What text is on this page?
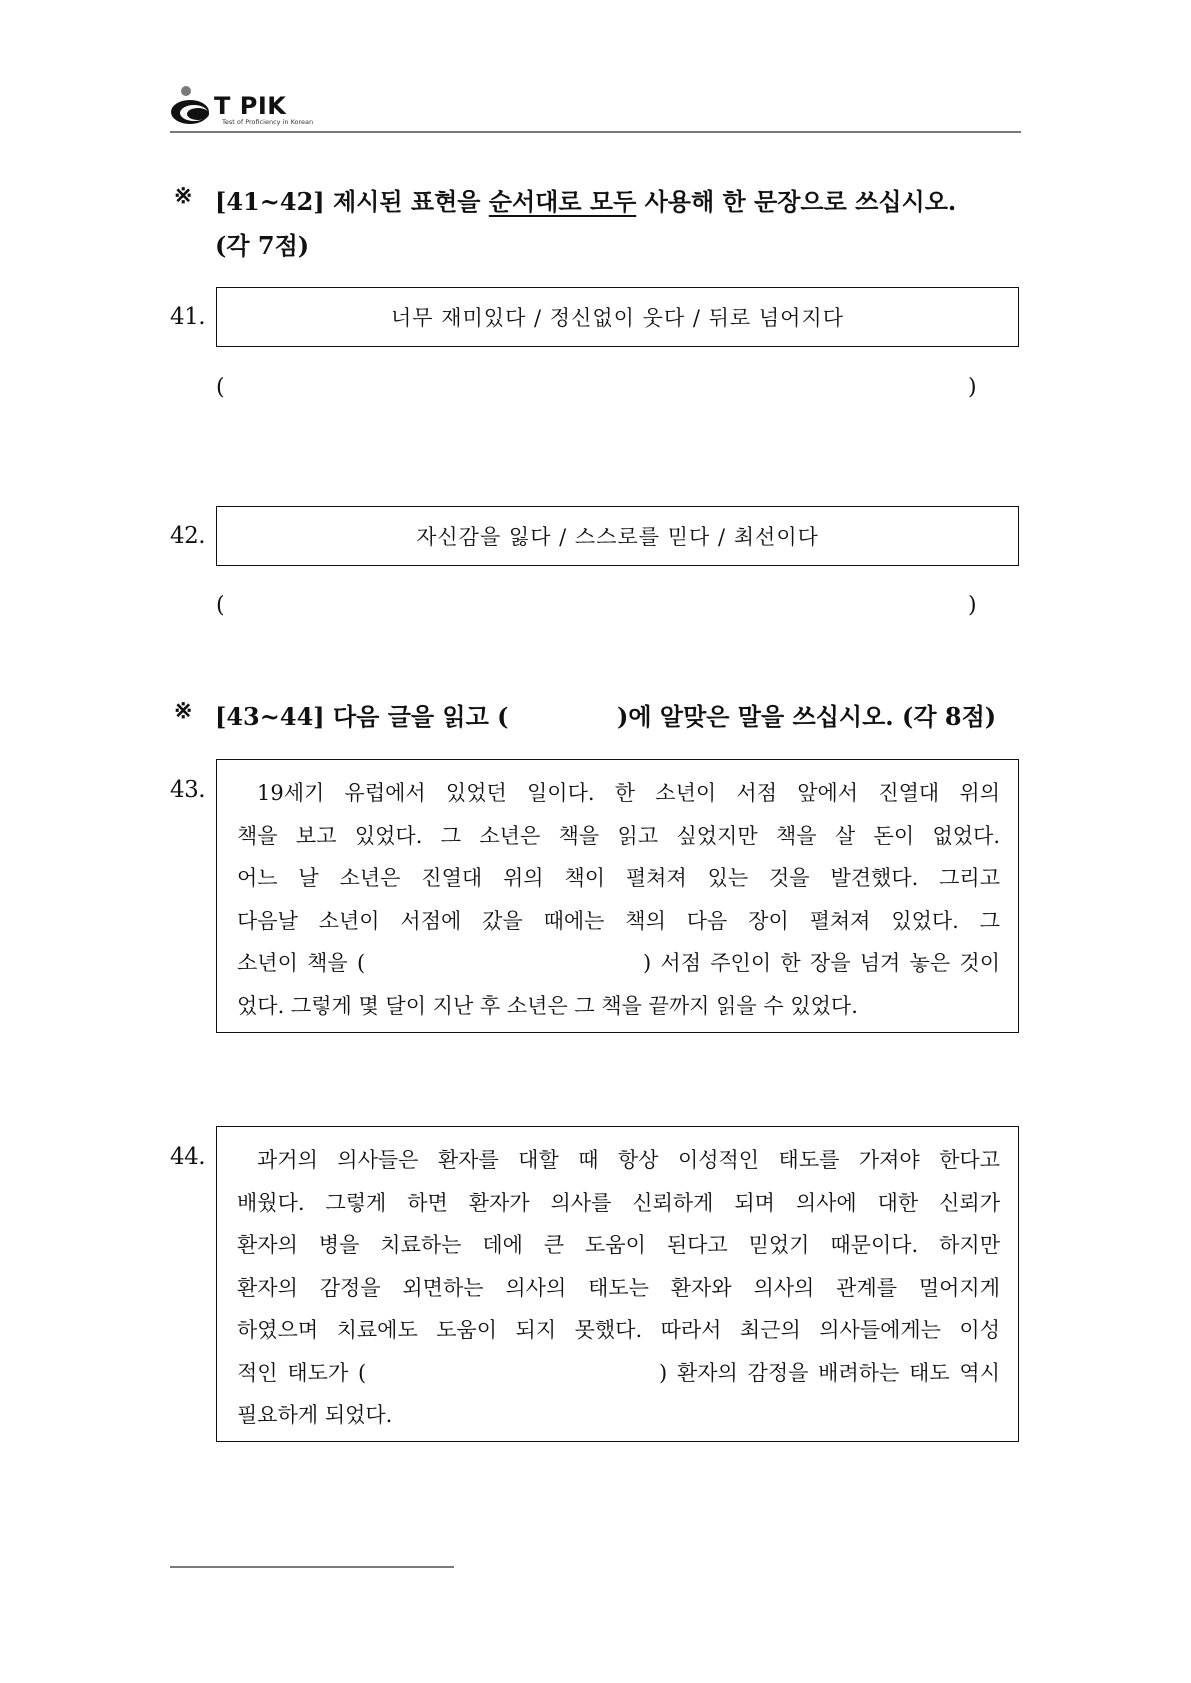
T PIK
Test of Proficiency in Korean
※ [41~42] 제시된 표현을 순서대로 모두 사용해 한 문장으로 쓰십시오.
(각 7점)
41.	너무 재미있다 / 정신없이 웃다 / 뒤로 넘어지다
(	)
42.	자신감을 잃다 / 스스로를 믿다 / 최선이다
(	)
※ [43~44] 다음 글을 읽고 (	)에 알맞은 말을 쓰십시오. (각 8점)
43.	19세기 유럽에서 있었던 일이다. 한 소년이 서점 앞에서 진열대 위의
책을 보고 있었다. 그 소년은 책을 읽고 싶었지만 책을 살 돈이 없었다.
어느 날 소년은 진열대 위의 책이 펼쳐져 있는 것을 발견했다. 그리고
다음날 소년이 서점에 갔을 때에는 책의 다음 장이 펼쳐져 있었다. 그
소년이 책을 (                              ) 서점 주인이 한 장을 넘겨 놓은 것이
었다. 그렇게 몇 달이 지난 후 소년은 그 책을 끝까지 읽을 수 있었다.
44.	과거의 의사들은 환자를 대할 때 항상 이성적인 태도를 가져야 한다고
배웠다. 그렇게 하면 환자가 의사를 신뢰하게 되며 의사에 대한 신뢰가
환자의 병을 치료하는 데에 큰 도움이 된다고 믿었기 때문이다. 하지만
환자의 감정을 외면하는 의사의 태도는 환자와 의사의 관계를 멀어지게
하였으며 치료에도 도움이 되지 못했다. 따라서 최근의 의사들에게는 이성
적인 태도가 (                              ) 환자의 감정을 배려하는 태도 역시
필요하게 되었다.
